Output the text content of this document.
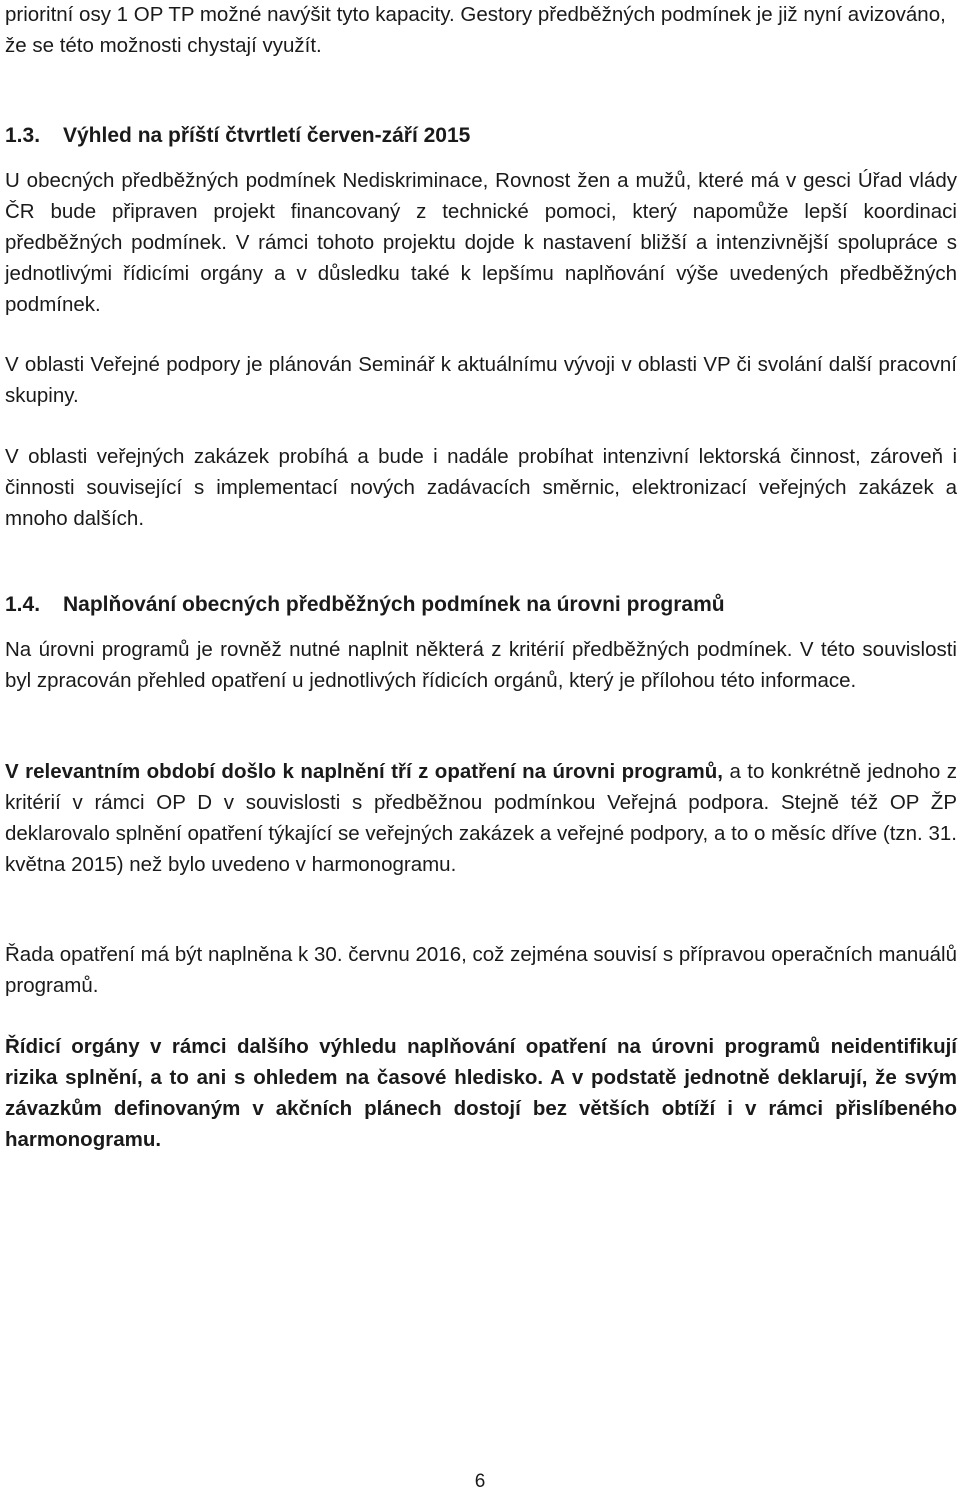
prioritní osy 1 OP TP možné navýšit tyto kapacity. Gestory předběžných podmínek je již nyní avizováno, že se této možnosti chystají využít.

1.3. Výhled na příští čtvrtletí červen-září 2015

U obecných předběžných podmínek Nediskriminace, Rovnost žen a mužů, které má v gesci Úřad vlády ČR bude připraven projekt financovaný z technické pomoci, který napomůže lepší koordinaci předběžných podmínek. V rámci tohoto projektu dojde k nastavení bližší a intenzivnější spolupráce s jednotlivými řídicími orgány a v důsledku také k lepšímu naplňování výše uvedených předběžných podmínek.

V oblasti Veřejné podpory je plánován Seminář k aktuálnímu vývoji v oblasti VP či svolání další pracovní skupiny.

V oblasti veřejných zakázek probíhá a bude i nadále probíhat intenzivní lektorská činnost, zároveň i činnosti související s implementací nových zadávacích směrnic, elektronizací veřejných zakázek a mnoho dalších.

1.4. Naplňování obecných předběžných podmínek na úrovni programů

Na úrovni programů je rovněž nutné naplnit některá z kritérií předběžných podmínek. V této souvislosti byl zpracován přehled opatření u jednotlivých řídicích orgánů, který je přílohou této informace.

V relevantním období došlo k naplnění tří z opatření na úrovni programů, a to konkrétně jednoho z kritérií v rámci OP D v souvislosti s předběžnou podmínkou Veřejná podpora. Stejně též OP ŽP deklarovalo splnění opatření týkající se veřejných zakázek a veřejné podpory, a to o měsíc dříve (tzn. 31. května 2015) než bylo uvedeno v harmonogramu.

Řada opatření má být naplněna k 30. červnu 2016, což zejména souvisí s přípravou operačních manuálů programů.

Řídicí orgány v rámci dalšího výhledu naplňování opatření na úrovni programů neidentifikují rizika splnění, a to ani s ohledem na časové hledisko. A v podstatě jednotně deklarují, že svým závazkům definovaným v akčních plánech dostojí bez větších obtíží i v rámci přislíbeného harmonogramu.

6
